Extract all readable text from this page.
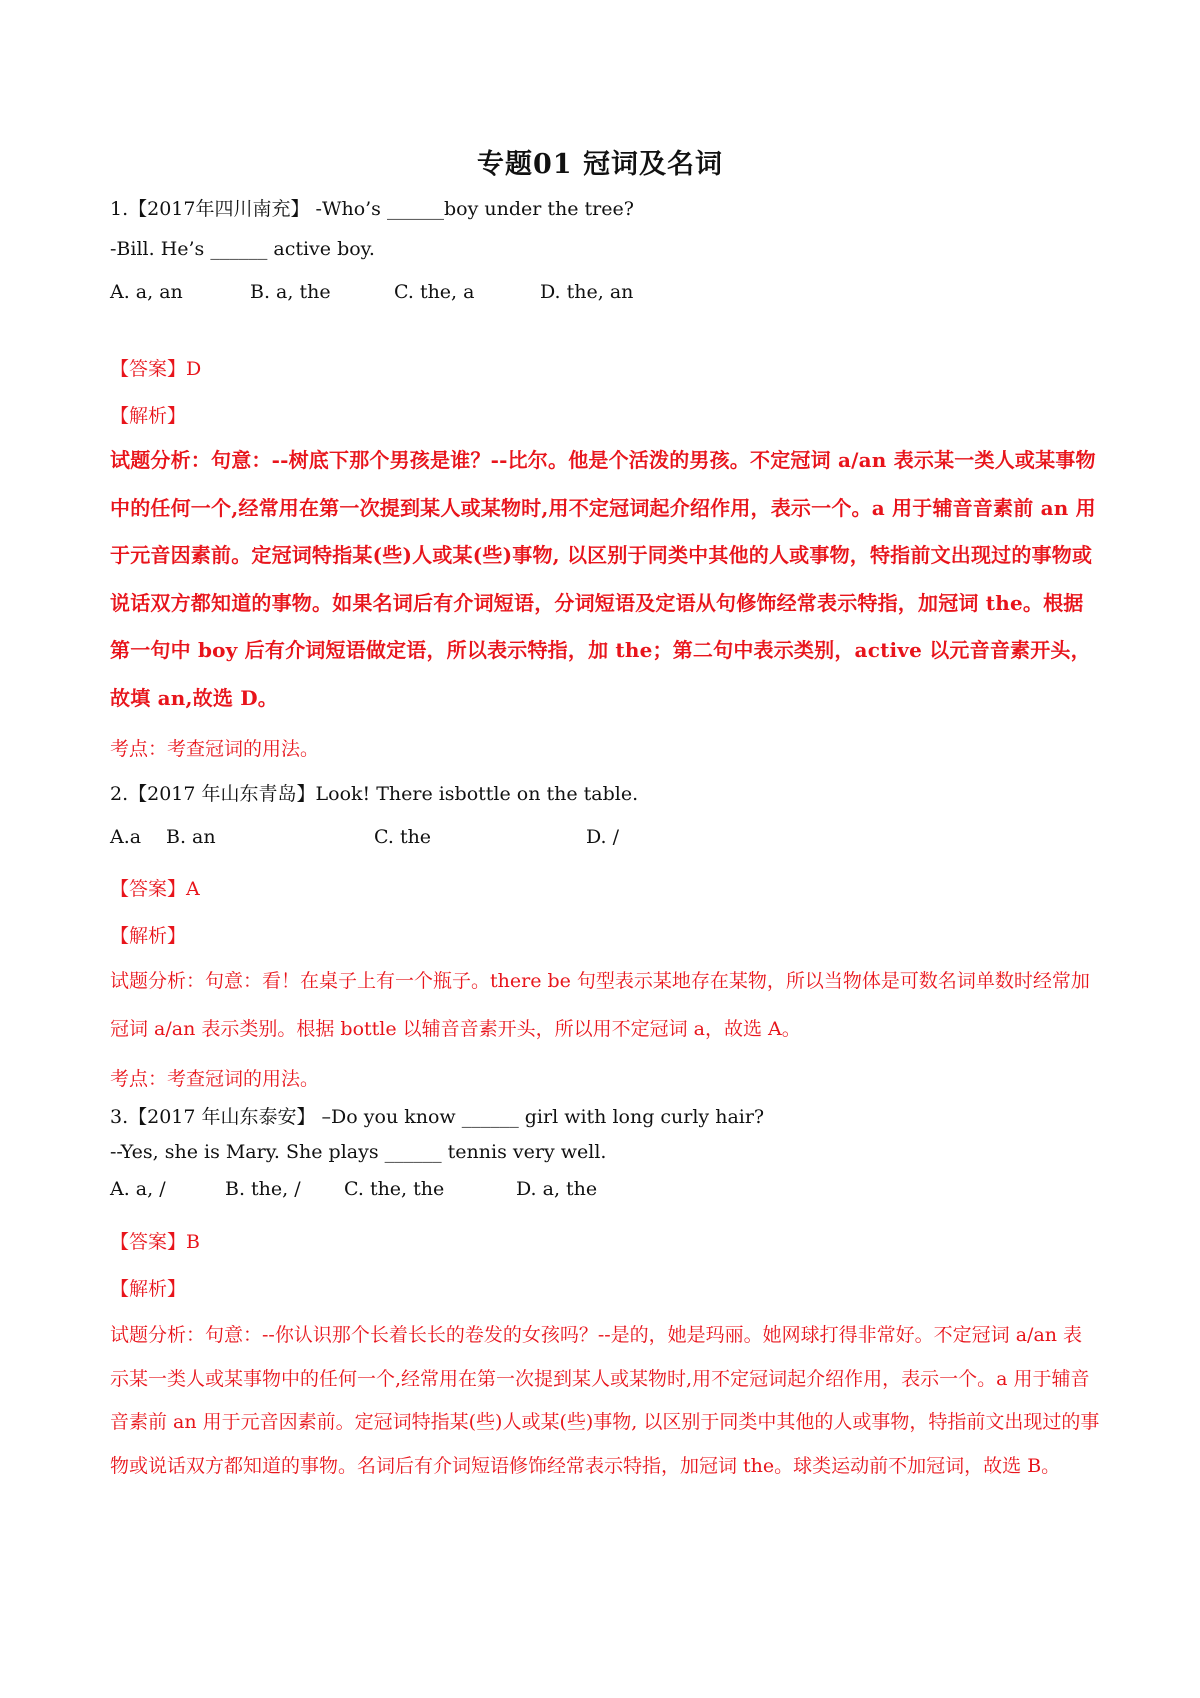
专题01 冠词及名词
1.【2017年四川南充】 -Who’s ______boy under the tree?
-Bill. He’s ______ active boy.
A. a, an	B. a, the	C. the, a	D. the, an
【答案】D
【解析】
试题分析：句意：--树底下那个男孩是谁？--比尔。他是个活泼的男孩。不定冠词 a/an 表示某一类人或某事物中的任何一个,经常用在第一次提到某人或某物时,用不定冠词起介绍作用，表示一个。a 用于辅音音素前 an 用于元音因素前。定冠词特指某(些)人或某(些)事物, 以区别于同类中其他的人或事物，特指前文出现过的事物或说话双方都知道的事物。如果名词后有介词短语，分词短语及定语从句修饰经常表示特指，加冠词 the。根据第一句中 boy 后有介词短语做定语，所以表示特指，加 the；第二句中表示类别，active 以元音音素开头，故填 an,故选 D。
考点：考查冠词的用法。
2.【2017 年山东青岛】Look! There isbottle on the table.
A.a B. an	C. the	D. /
【答案】A
【解析】
试题分析：句意：看！在桌子上有一个瓶子。there be 句型表示某地存在某物，所以当物体是可数名词单数时经常加冠词 a/an 表示类别。根据 bottle 以辅音音素开头，所以用不定冠词 a，故选 A。
考点：考查冠词的用法。
3.【2017 年山东泰安】 –Do you know ______ girl with long curly hair?
--Yes, she is Mary. She plays ______ tennis very well.
A. a, /	B. the, / C. the, the	D. a, the
【答案】B
【解析】
试题分析：句意：--你认识那个长着长长的卷发的女孩吗？--是的，她是玛丽。她网球打得非常好。不定冠词 a/an 表示某一类人或某事物中的任何一个,经常用在第一次提到某人或某物时,用不定冠词起介绍作用，表示一个。a 用于辅音音素前 an 用于元音因素前。定冠词特指某(些)人或某(些)事物, 以区别于同类中其他的人或事物，特指前文出现过的事物或说话双方都知道的事物。名词后有介词短语修饰经常表示特指，加冠词 the。球类运动前不加冠词，故选 B。
